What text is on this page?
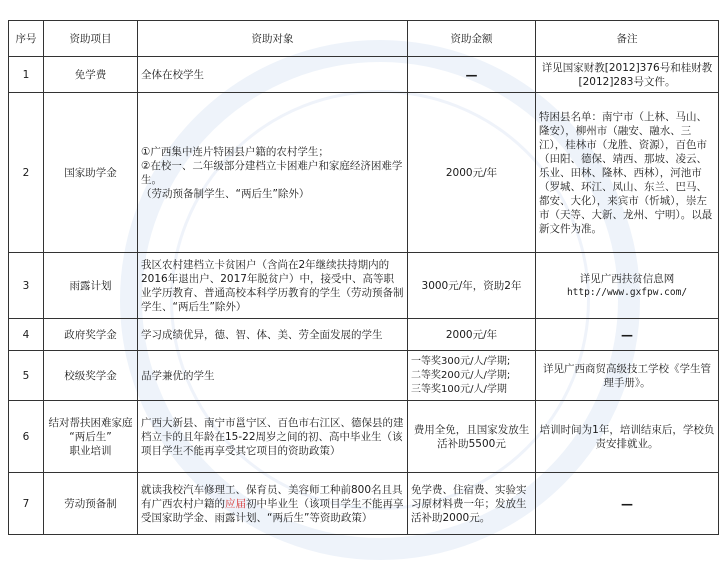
序号	资助项目	资助对象	资助金额	备注
1	免学费	全体在校学生	—	详见国家财教[2012]376号和桂财教[2012]283号文件。
2	国家助学金	①广西集中连片特困县户籍的农村学生；
②在校一、二年级部分建档立卡困难户和家庭经济困难学生。
（劳动预备制学生、“两后生”除外）	2000元/年	特困县名单：南宁市（上林、马山、隆安），柳州市（融安、融水、三江），桂林市（龙胜、资源），百色市（田阳、德保、靖西、那坡、凌云、乐业、田林、隆林、西林），河池市（罗城、环江、凤山、东兰、巴马、都安、大化），来宾市（忻城），崇左市（天等、大新、龙州、宁明）。以最新文件为准。
3	雨露计划	我区农村建档立卡贫困户（含尚在2年继续扶持期内的2016年退出户、2017年脱贫户）中，接受中、高等职业学历教育、普通高校本科学历教育的学生（劳动预备制学生、“两后生”除外）	3000元/年，资助2年	详见广西扶贫信息网
http://www.gxfpw.com/

4	政府奖学金	学习成绩优异，德、智、体、美、劳全面发展的学生	2000元/年	—
5	校级奖学金	品学兼优的学生	一等奖300元/人/学期;
二等奖200元/人/学期;
三等奖100元/人/学期	详见广西商贸高级技工学校《学生管理手册》。
6	结对帮扶困难家庭
“两后生”
职业培训	广西大新县、南宁市邕宁区、百色市右江区、德保县的建档立卡的且年龄在15-22周岁之间的初、高中毕业生（该项目学生不能再享受其它项目的资助政策）	费用全免，且国家发放生活补助5500元	培训时间为1年，培训结束后，学校负责安排就业。
7	劳动预备制	就读我校汽车修理工、保育员、美容师工种前800名且具有广西农村户籍的应届初中毕业生（该项目学生不能再享受国家助学金、雨露计划、“两后生”等资助政策）	免学费、住宿费、实验实习原材料费一年；发放生活补助2000元。	—
